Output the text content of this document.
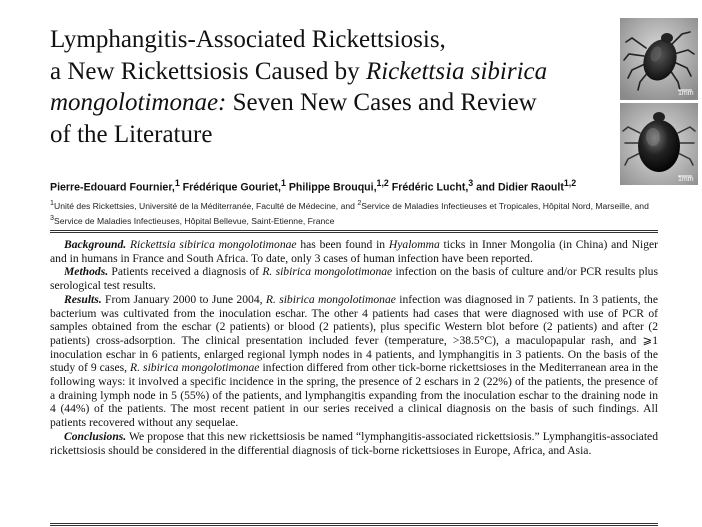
Lymphangitis-Associated Rickettsiosis,
a New Rickettsiosis Caused by Rickettsia sibirica
mongolotimonae: Seven New Cases and Review
of the Literature
1mm
1mm
Pierre-Edouard Fournier,$^1$ Frédérique Gouriet,$^1$ Philippe Brouqui,$^{1,2}$ Frédéric Lucht,$^3$ and Didier Raoult$^{1,2}$
$^1$Unité des Rickettsies, Université de la Méditerranée, Faculté de Médecine, and $^2$Service de Maladies Infectieuses et Tropicales, Hôpital Nord, Marseille, and $^3$Service de Maladies Infectieuses, Hôpital Bellevue, Saint-Etienne, France

Background. Rickettsia sibirica mongolotimonae has been found in Hyalomma ticks in Inner Mongolia (in China) and Niger and in humans in France and South Africa. To date, only 3 cases of human infection have been reported.

Methods. Patients received a diagnosis of R. sibirica mongolotimonae infection on the basis of culture and/or PCR results plus serological test results.

Results. From January 2000 to June 2004, R. sibirica mongolotimonae infection was diagnosed in 7 patients. In 3 patients, the bacterium was cultivated from the inoculation eschar. The other 4 patients had cases that were diagnosed with use of PCR of samples obtained from the eschar (2 patients) or blood (2 patients), plus specific Western blot before (2 patients) and after (2 patients) cross-adsorption. The clinical presentation included fever (temperature, >38.5°C), a maculopapular rash, and ⩾1 inoculation eschar in 6 patients, enlarged regional lymph nodes in 4 patients, and lymphangitis in 3 patients. On the basis of the study of 9 cases, R. sibirica mongolotimonae infection differed from other tick-borne rickettsioses in the Mediterranean area in the following ways: it involved a specific incidence in the spring, the presence of 2 eschars in 2 (22%) of the patients, the presence of a draining lymph node in 5 (55%) of the patients, and lymphangitis expanding from the inoculation eschar to the draining node in 4 (44%) of the patients. The most recent patient in our series received a clinical diagnosis on the basis of such findings. All patients recovered without any sequelae.

Conclusions. We propose that this new rickettsiosis be named “lymphangitis-associated rickettsiosis.” Lymphangitis-associated rickettsiosis should be considered in the differential diagnosis of tick-borne rickettsioses in Europe, Africa, and Asia.
